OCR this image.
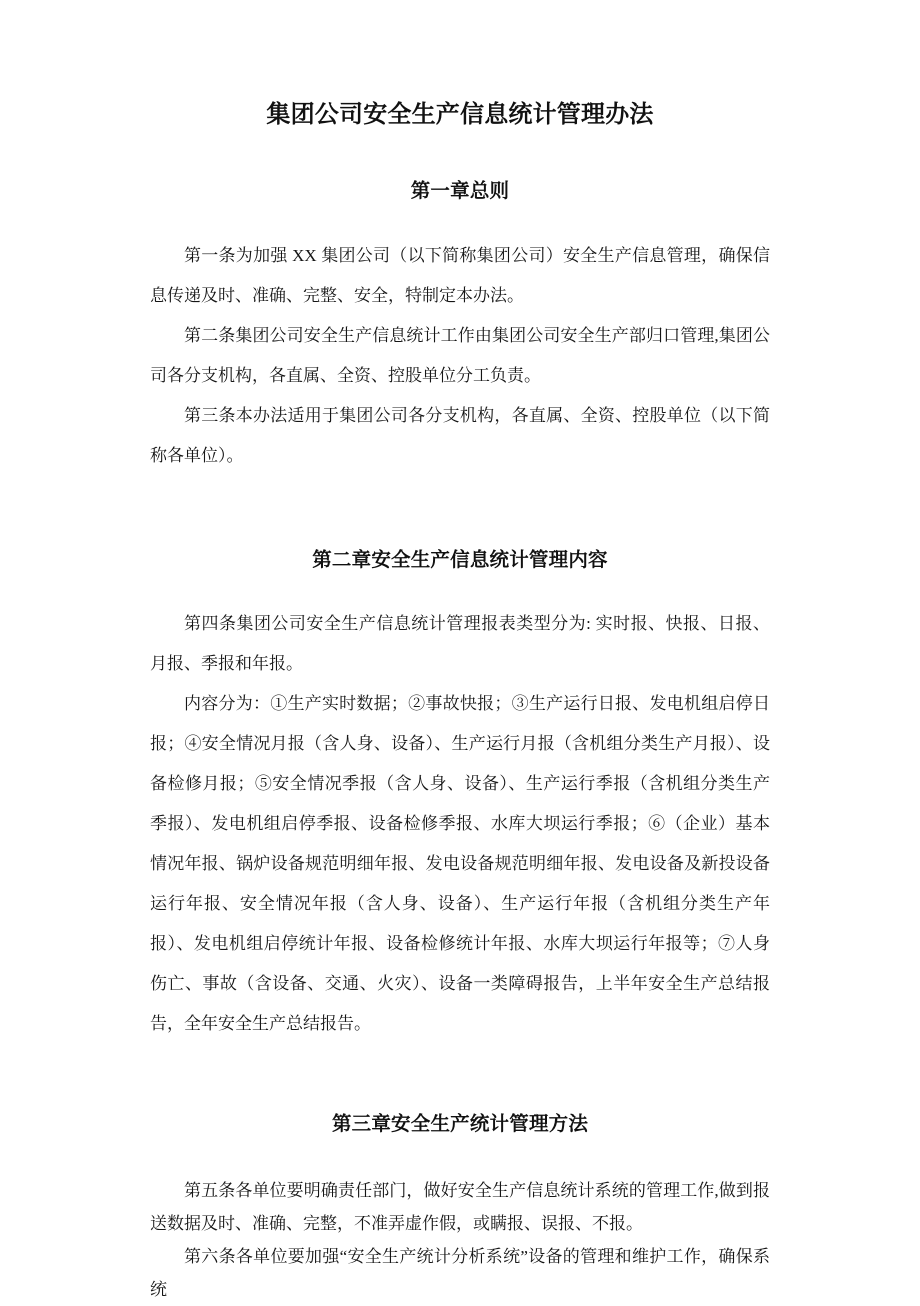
集团公司安全生产信息统计管理办法
第一章总则

第一条为加强 XX 集团公司（以下简称集团公司）安全生产信息管理，确保信息传递及时、准确、完整、安全，特制定本办法。

第二条集团公司安全生产信息统计工作由集团公司安全生产部归口管理,集团公司各分支机构，各直属、全资、控股单位分工负责。

第三条本办法适用于集团公司各分支机构，各直属、全资、控股单位（以下简称各单位）。

第二章安全生产信息统计管理内容

第四条集团公司安全生产信息统计管理报表类型分为: 实时报、快报、日报、月报、季报和年报。

内容分为：①生产实时数据；②事故快报；③生产运行日报、发电机组启停日报；④安全情况月报（含人身、设备）、生产运行月报（含机组分类生产月报）、设备检修月报；⑤安全情况季报（含人身、设备）、生产运行季报（含机组分类生产季报）、发电机组启停季报、设备检修季报、水库大坝运行季报；⑥（企业）基本情况年报、锅炉设备规范明细年报、发电设备规范明细年报、发电设备及新投设备运行年报、安全情况年报（含人身、设备）、生产运行年报（含机组分类生产年报）、发电机组启停统计年报、设备检修统计年报、水库大坝运行年报等；⑦人身伤亡、事故（含设备、交通、火灾）、设备一类障碍报告，上半年安全生产总结报告，全年安全生产总结报告。

第三章安全生产统计管理方法

第五条各单位要明确责任部门，做好安全生产信息统计系统的管理工作,做到报送数据及时、准确、完整，不准弄虚作假，或瞒报、误报、不报。

第六条各单位要加强“安全生产统计分析系统”设备的管理和维护工作，确保系统
